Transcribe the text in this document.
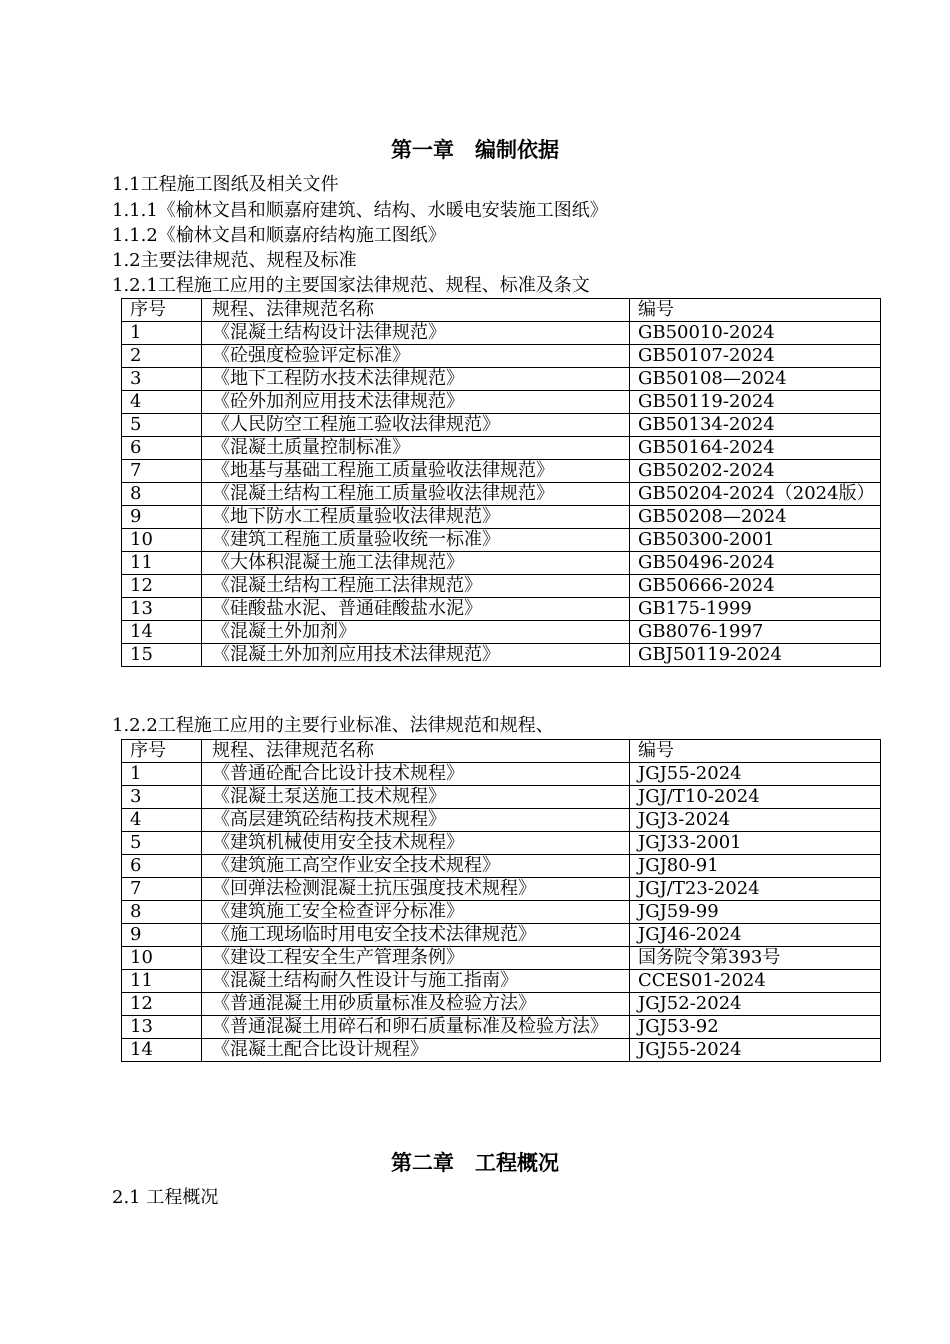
第一章　编制依据
1.1工程施工图纸及相关文件
1.1.1《榆林文昌和顺嘉府建筑、结构、水暖电安装施工图纸》
1.1.2《榆林文昌和顺嘉府结构施工图纸》
1.2主要法律规范、规程及标准
1.2.1工程施工应用的主要国家法律规范、规程、标准及条文
序号	规程、法律规范名称	编号
1	《混凝土结构设计法律规范》	GB50010-2024
2	《砼强度检验评定标准》	GB50107-2024
3	《地下工程防水技术法律规范》	GB50108—2024
4	《砼外加剂应用技术法律规范》	GB50119-2024
5	《人民防空工程施工验收法律规范》	GB50134-2024
6	《混凝土质量控制标准》	GB50164-2024
7	《地基与基础工程施工质量验收法律规范》	GB50202-2024
8	《混凝土结构工程施工质量验收法律规范》	GB50204-2024（2024版）
9	《地下防水工程质量验收法律规范》	GB50208—2024
10	《建筑工程施工质量验收统一标准》	GB50300-2001
11	《大体积混凝土施工法律规范》	GB50496-2024
12	《混凝土结构工程施工法律规范》	GB50666-2024
13	《硅酸盐水泥、普通硅酸盐水泥》	GB175-1999
14	《混凝土外加剂》	GB8076-1997
15	《混凝土外加剂应用技术法律规范》	GBJ50119-2024
1.2.2工程施工应用的主要行业标准、法律规范和规程、
序号	规程、法律规范名称	编号
1	《普通砼配合比设计技术规程》	JGJ55-2024
3	《混凝土泵送施工技术规程》	JGJ/T10-2024
4	《高层建筑砼结构技术规程》	JGJ3-2024
5	《建筑机械使用安全技术规程》	JGJ33-2001
6	《建筑施工高空作业安全技术规程》	JGJ80-91
7	《回弹法检测混凝土抗压强度技术规程》	JGJ/T23-2024
8	《建筑施工安全检查评分标准》	JGJ59-99
9	《施工现场临时用电安全技术法律规范》	JGJ46-2024
10	《建设工程安全生产管理条例》	国务院令第393号
11	《混凝土结构耐久性设计与施工指南》	CCES01-2024
12	《普通混凝土用砂质量标准及检验方法》	JGJ52-2024
13	《普通混凝土用碎石和卵石质量标准及检验方法》	JGJ53-92
14	《混凝土配合比设计规程》	JGJ55-2024
第二章　工程概况
2.1 工程概况
